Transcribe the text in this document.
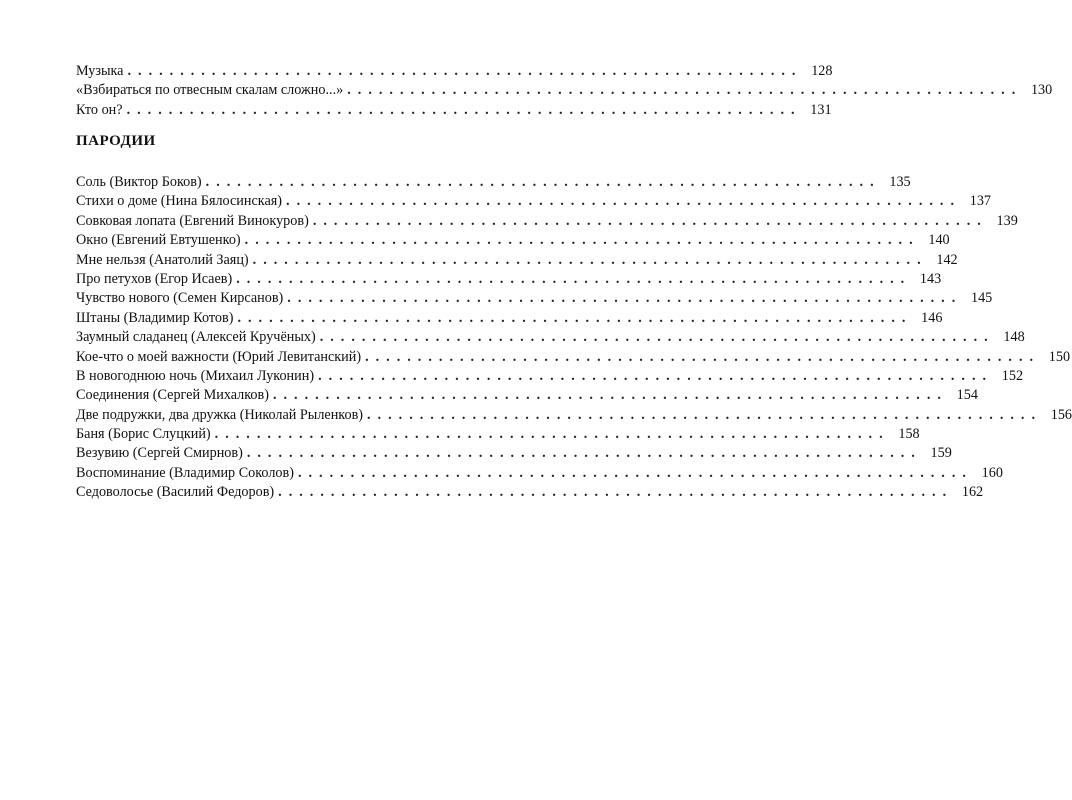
Музыка ................................................................ 128
«Взбираться по отвесным скалам сложно...» ................................................................ 130
Кто он? ................................................................ 131
ПАРОДИИ
Соль (Виктор Боков) ................................................................ 135
Стихи о доме (Нина Бялосинская) ................................................................ 137
Совковая лопата (Евгений Винокуров) ................................................................ 139
Окно (Евгений Евтушенко) ................................................................ 140
Мне нельзя (Анатолий Заяц) ................................................................ 142
Про петухов (Егор Исаев) ................................................................ 143
Чувство нового (Семен Кирсанов) ................................................................ 145
Штаны (Владимир Котов) ................................................................ 146
Заумный сладанец (Алексей Кручёных) ................................................................ 148
Кое-что о моей важности (Юрий Левитанский) ................................................................ 150
В новогоднюю ночь (Михаил Луконин) ................................................................ 152
Соединения (Сергей Михалков) ................................................................ 154
Две подружки, два дружка (Николай Рыленков) ................................................................ 156
Баня (Борис Слуцкий) ................................................................ 158
Везувию (Сергей Смирнов) ................................................................ 159
Воспоминание (Владимир Соколов) ................................................................ 160
Седоволосье (Василий Федоров) ................................................................ 162
